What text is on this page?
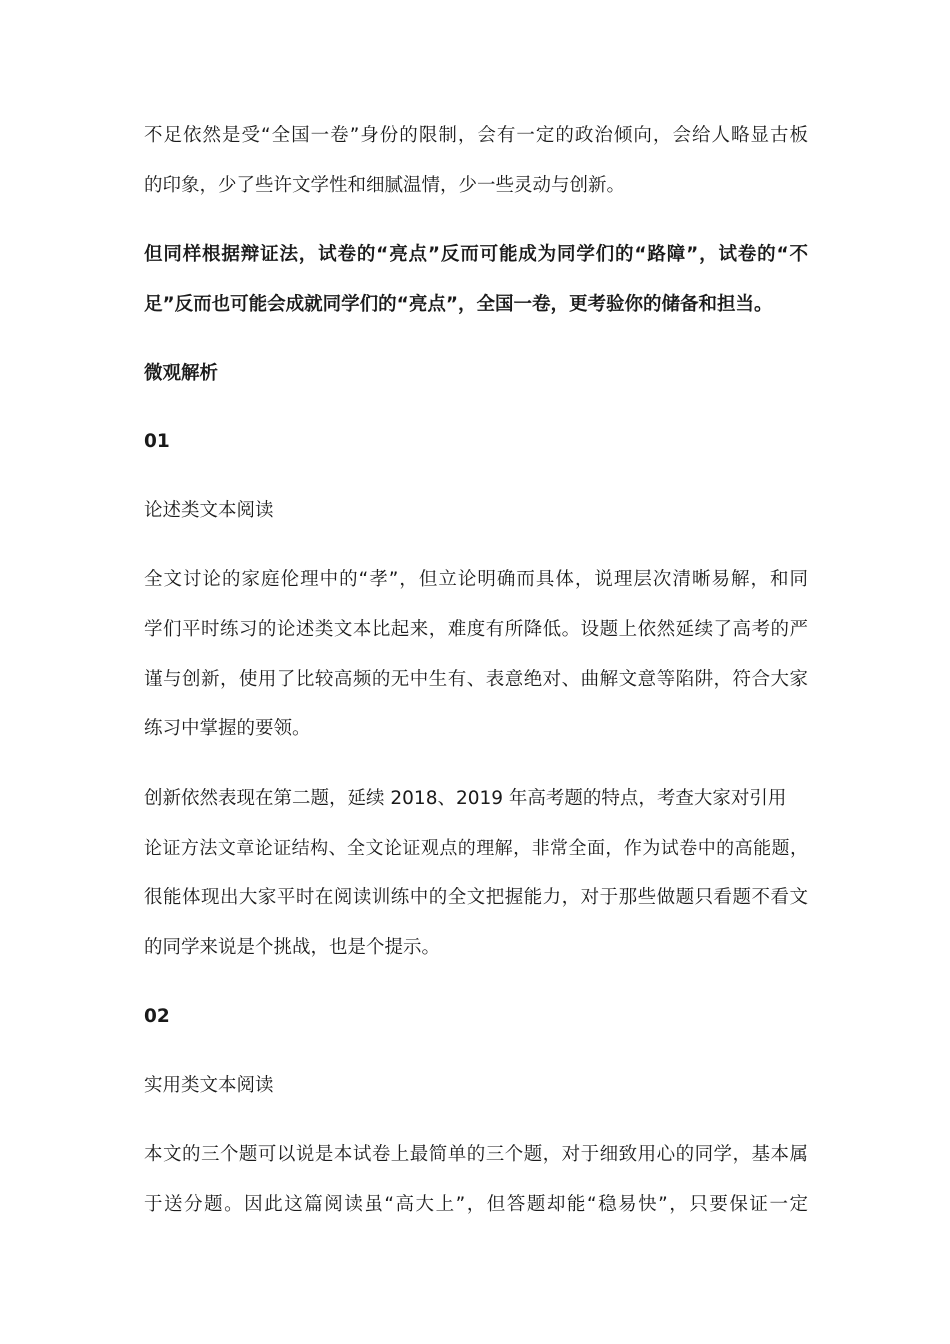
不足依然是受“全国一卷”身份的限制，会有一定的政治倾向，会给人略显古板
的印象，少了些许文学性和细腻温情，少一些灵动与创新。
但同样根据辩证法，试卷的“亮点”反而可能成为同学们的“路障”，试卷的“不
足”反而也可能会成就同学们的“亮点”，全国一卷，更考验你的储备和担当。
微观解析
01
论述类文本阅读
全文讨论的家庭伦理中的“孝”，但立论明确而具体，说理层次清晰易解，和同
学们平时练习的论述类文本比起来，难度有所降低。设题上依然延续了高考的严
谨与创新，使用了比较高频的无中生有、表意绝对、曲解文意等陷阱，符合大家
练习中掌握的要领。
创新依然表现在第二题，延续 2018、2019 年高考题的特点，考查大家对引用
论证方法文章论证结构、全文论证观点的理解，非常全面，作为试卷中的高能题，
很能体现出大家平时在阅读训练中的全文把握能力，对于那些做题只看题不看文
的同学来说是个挑战，也是个提示。
02
实用类文本阅读
本文的三个题可以说是本试卷上最简单的三个题，对于细致用心的同学，基本属
于送分题。因此这篇阅读虽“高大上”，但答题却能“稳易快”，只要保证一定
